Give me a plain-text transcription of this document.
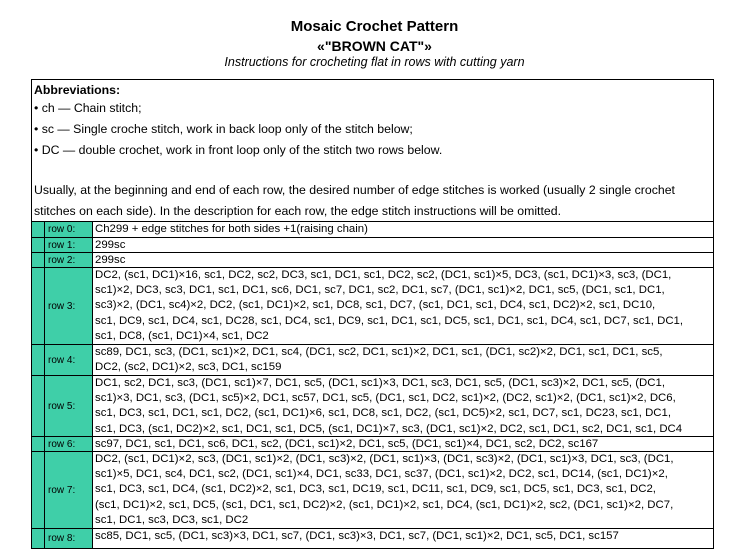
Mosaic Crochet Pattern
«"BROWN CAT"»
Instructions for crocheting flat in rows with cutting yarn
Abbreviations:
• ch — Chain stitch;
• sc — Single croche stitch, work in back loop only of the stitch below;
• DC — double crochet, work in front loop only of the stitch two rows below.
Usually, at the beginning and end of each row, the desired number of edge stitches is worked (usually 2 single crochet
stitches on each side). In the description for each row, the edge stitch instructions will be omitted.
row 0:	Ch299 + edge stitches for both sides +1(raising chain)
row 1:	299sc
row 2:	299sc
row 3:
DC2, (sc1, DC1)×16, sc1, DC2, sc2, DC3, sc1, DC1, sc1, DC2, sc2, (DC1, sc1)×5, DC3, (sc1, DC1)×3, sc3, (DC1,
sc1)×2, DC3, sc3, DC1, sc1, DC1, sc6, DC1, sc7, DC1, sc2, DC1, sc7, (DC1, sc1)×2, DC1, sc5, (DC1, sc1, DC1,
sc3)×2, (DC1, sc4)×2, DC2, (sc1, DC1)×2, sc1, DC8, sc1, DC7, (sc1, DC1, sc1, DC4, sc1, DC2)×2, sc1, DC10,
sc1, DC9, sc1, DC4, sc1, DC28, sc1, DC4, sc1, DC9, sc1, DC1, sc1, DC5, sc1, DC1, sc1, DC4, sc1, DC7, sc1, DC1,
sc1, DC8, (sc1, DC1)×4, sc1, DC2
row 4:
sc89, DC1, sc3, (DC1, sc1)×2, DC1, sc4, (DC1, sc2, DC1, sc1)×2, DC1, sc1, (DC1, sc2)×2, DC1, sc1, DC1, sc5,
DC2, (sc2, DC1)×2, sc3, DC1, sc159
row 5:
DC1, sc2, DC1, sc3, (DC1, sc1)×7, DC1, sc5, (DC1, sc1)×3, DC1, sc3, DC1, sc5, (DC1, sc3)×2, DC1, sc5, (DC1,
sc1)×3, DC1, sc3, (DC1, sc5)×2, DC1, sc57, DC1, sc5, (DC1, sc1, DC2, sc1)×2, (DC2, sc1)×2, (DC1, sc1)×2, DC6,
sc1, DC3, sc1, DC1, sc1, DC2, (sc1, DC1)×6, sc1, DC8, sc1, DC2, (sc1, DC5)×2, sc1, DC7, sc1, DC23, sc1, DC1,
sc1, DC3, (sc1, DC2)×2, sc1, DC1, sc1, DC5, (sc1, DC1)×7, sc3, (DC1, sc1)×2, DC2, sc1, DC1, sc2, DC1, sc1, DC4
row 6:	sc97, DC1, sc1, DC1, sc6, DC1, sc2, (DC1, sc1)×2, DC1, sc5, (DC1, sc1)×4, DC1, sc2, DC2, sc167
row 7:
DC2, (sc1, DC1)×2, sc3, (DC1, sc1)×2, (DC1, sc3)×2, (DC1, sc1)×3, (DC1, sc3)×2, (DC1, sc1)×3, DC1, sc3, (DC1,
sc1)×5, DC1, sc4, DC1, sc2, (DC1, sc1)×4, DC1, sc33, DC1, sc37, (DC1, sc1)×2, DC2, sc1, DC14, (sc1, DC1)×2,
sc1, DC3, sc1, DC4, (sc1, DC2)×2, sc1, DC3, sc1, DC19, sc1, DC11, sc1, DC9, sc1, DC5, sc1, DC3, sc1, DC2,
(sc1, DC1)×2, sc1, DC5, (sc1, DC1, sc1, DC2)×2, (sc1, DC1)×2, sc1, DC4, (sc1, DC1)×2, sc2, (DC1, sc1)×2, DC7,
sc1, DC1, sc3, DC3, sc1, DC2
row 8:	sc85, DC1, sc5, (DC1, sc3)×3, DC1, sc7, (DC1, sc3)×3, DC1, sc7, (DC1, sc1)×2, DC1, sc5, DC1, sc157
